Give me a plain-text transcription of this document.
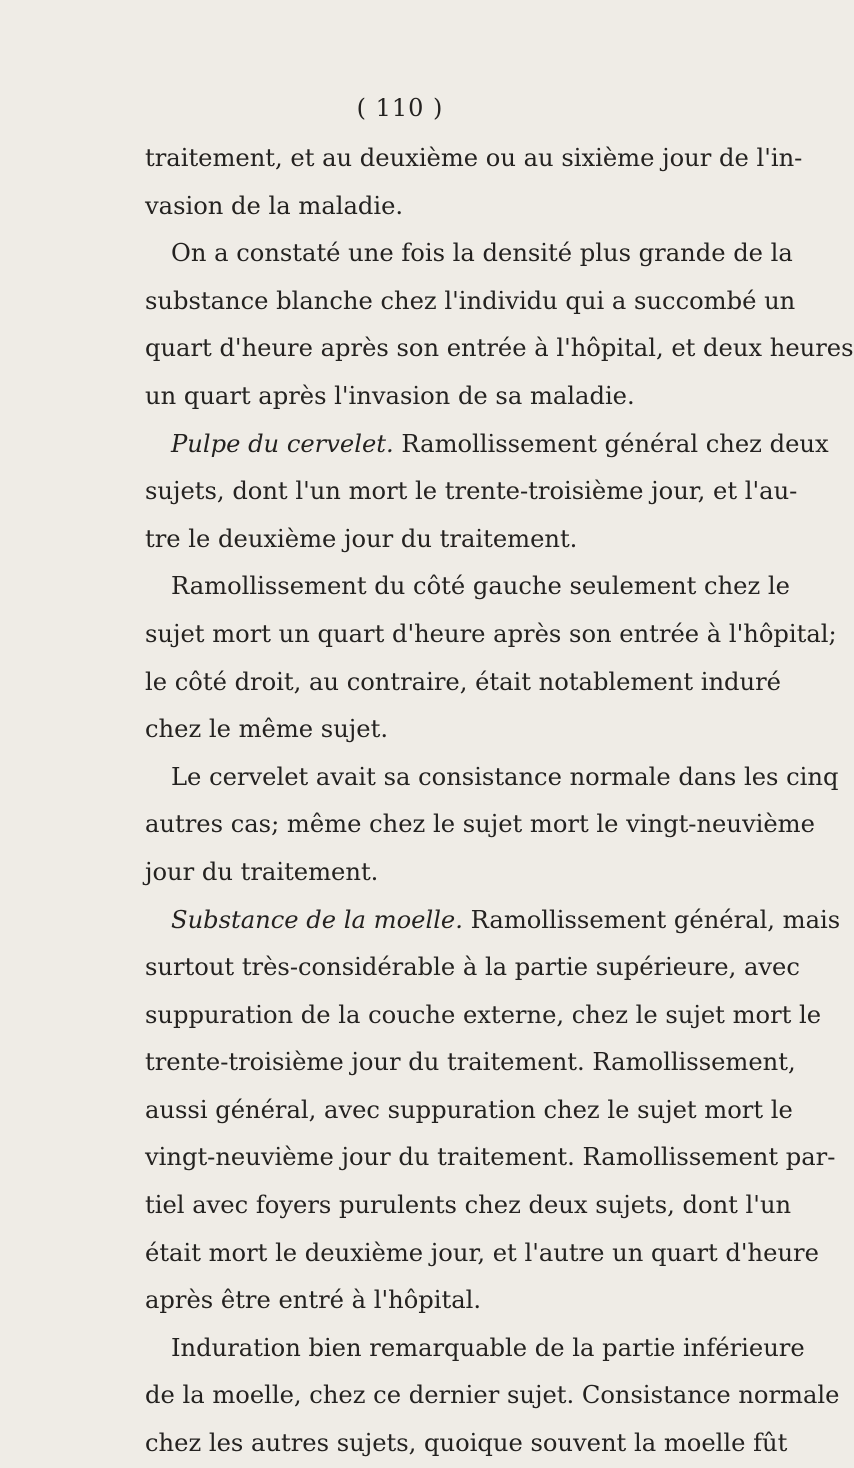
( 110 )
traitement, et au deuxième ou au sixième jour de l'in-
vasion de la maladie.
On a constaté une fois la densité plus grande de la
substance blanche chez l'individu qui a succombé un
quart d'heure après son entrée à l'hôpital, et deux heures
un quart après l'invasion de sa maladie.
Pulpe du cervelet. Ramollissement général chez deux
sujets, dont l'un mort le trente-troisième jour, et l'au-
tre le deuxième jour du traitement.
Ramollissement du côté gauche seulement chez le
sujet mort un quart d'heure après son entrée à l'hôpital;
le côté droit, au contraire, était notablement induré
chez le même sujet.
Le cervelet avait sa consistance normale dans les cinq
autres cas; même chez le sujet mort le vingt-neuvième
jour du traitement.
Substance de la moelle. Ramollissement général, mais
surtout très-considérable à la partie supérieure, avec
suppuration de la couche externe, chez le sujet mort le
trente-troisième jour du traitement. Ramollissement,
aussi général, avec suppuration chez le sujet mort le
vingt-neuvième jour du traitement. Ramollissement par-
tiel avec foyers purulents chez deux sujets, dont l'un
était mort le deuxième jour, et l'autre un quart d'heure
après être entré à l'hôpital.
Induration bien remarquable de la partie inférieure
de la moelle, chez ce dernier sujet. Consistance normale
chez les autres sujets, quoique souvent la moelle fût
